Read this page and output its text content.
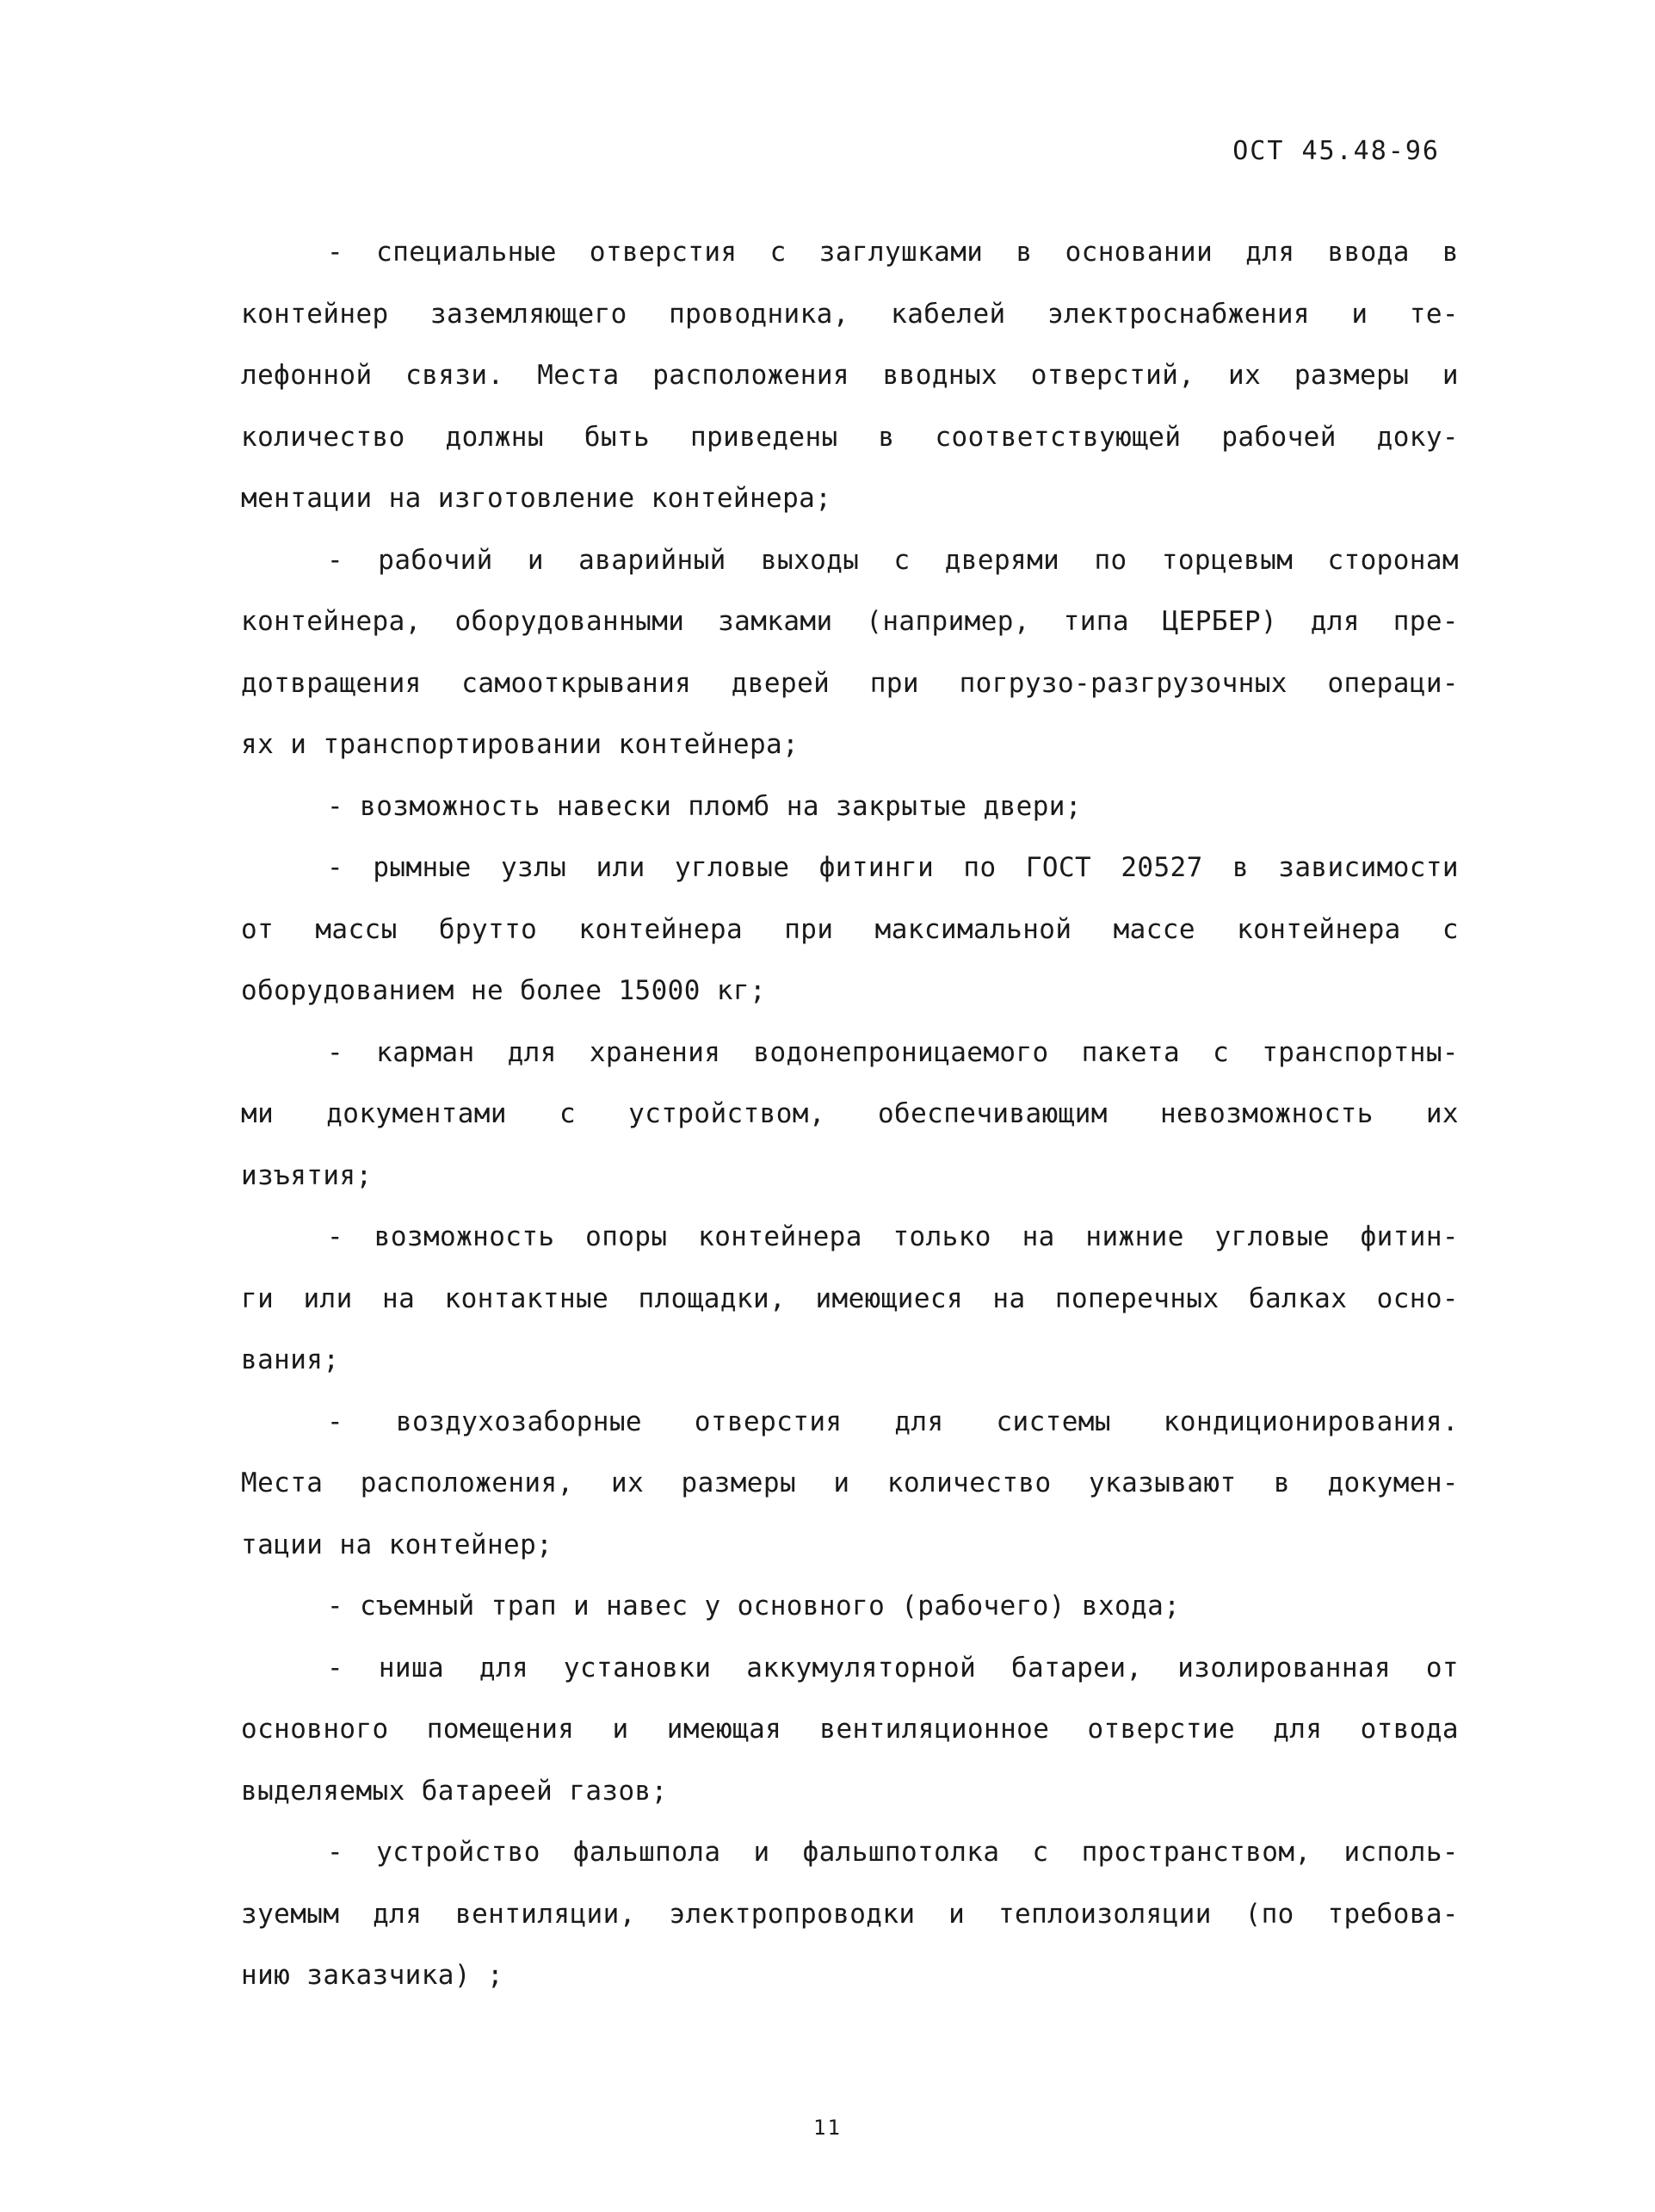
ОСТ 45.48-96
- специальные отверстия с заглушками в основании для ввода в
контейнер заземляющего проводника, кабелей электроснабжения и те-
лефонной связи. Места расположения вводных отверстий, их размеры и
количество должны быть приведены в соответствующей рабочей доку-
ментации на изготовление контейнера;
- рабочий и аварийный выходы с дверями по торцевым сторонам
контейнера, оборудованными замками (например, типа ЦЕРБЕР) для пре-
дотвращения самооткрывания дверей при погрузо-разгрузочных операци-
ях и транспортировании контейнера;
- возможность навески пломб на закрытые двери;
- рымные узлы или угловые фитинги по ГОСТ 20527 в зависимости
от массы брутто контейнера при максимальной массе контейнера с
оборудованием не более 15000 кг;
- карман для хранения водонепроницаемого пакета с транспортны-
ми документами с устройством, обеспечивающим невозможность их
изъятия;
- возможность опоры контейнера только на нижние угловые фитин-
ги или на контактные площадки, имеющиеся на поперечных балках осно-
вания;
- воздухозаборные отверстия для системы кондиционирования.
Места расположения, их размеры и количество указывают в докумен-
тации на контейнер;
- съемный трап и навес у основного (рабочего) входа;
- ниша для установки аккумуляторной батареи, изолированная от
основного помещения и имеющая вентиляционное отверстие для отвода
выделяемых батареей газов;
- устройство фальшпола и фальшпотолка с пространством, исполь-
зуемым для вентиляции, электропроводки и теплоизоляции (по требова-
нию заказчика) ;
11
